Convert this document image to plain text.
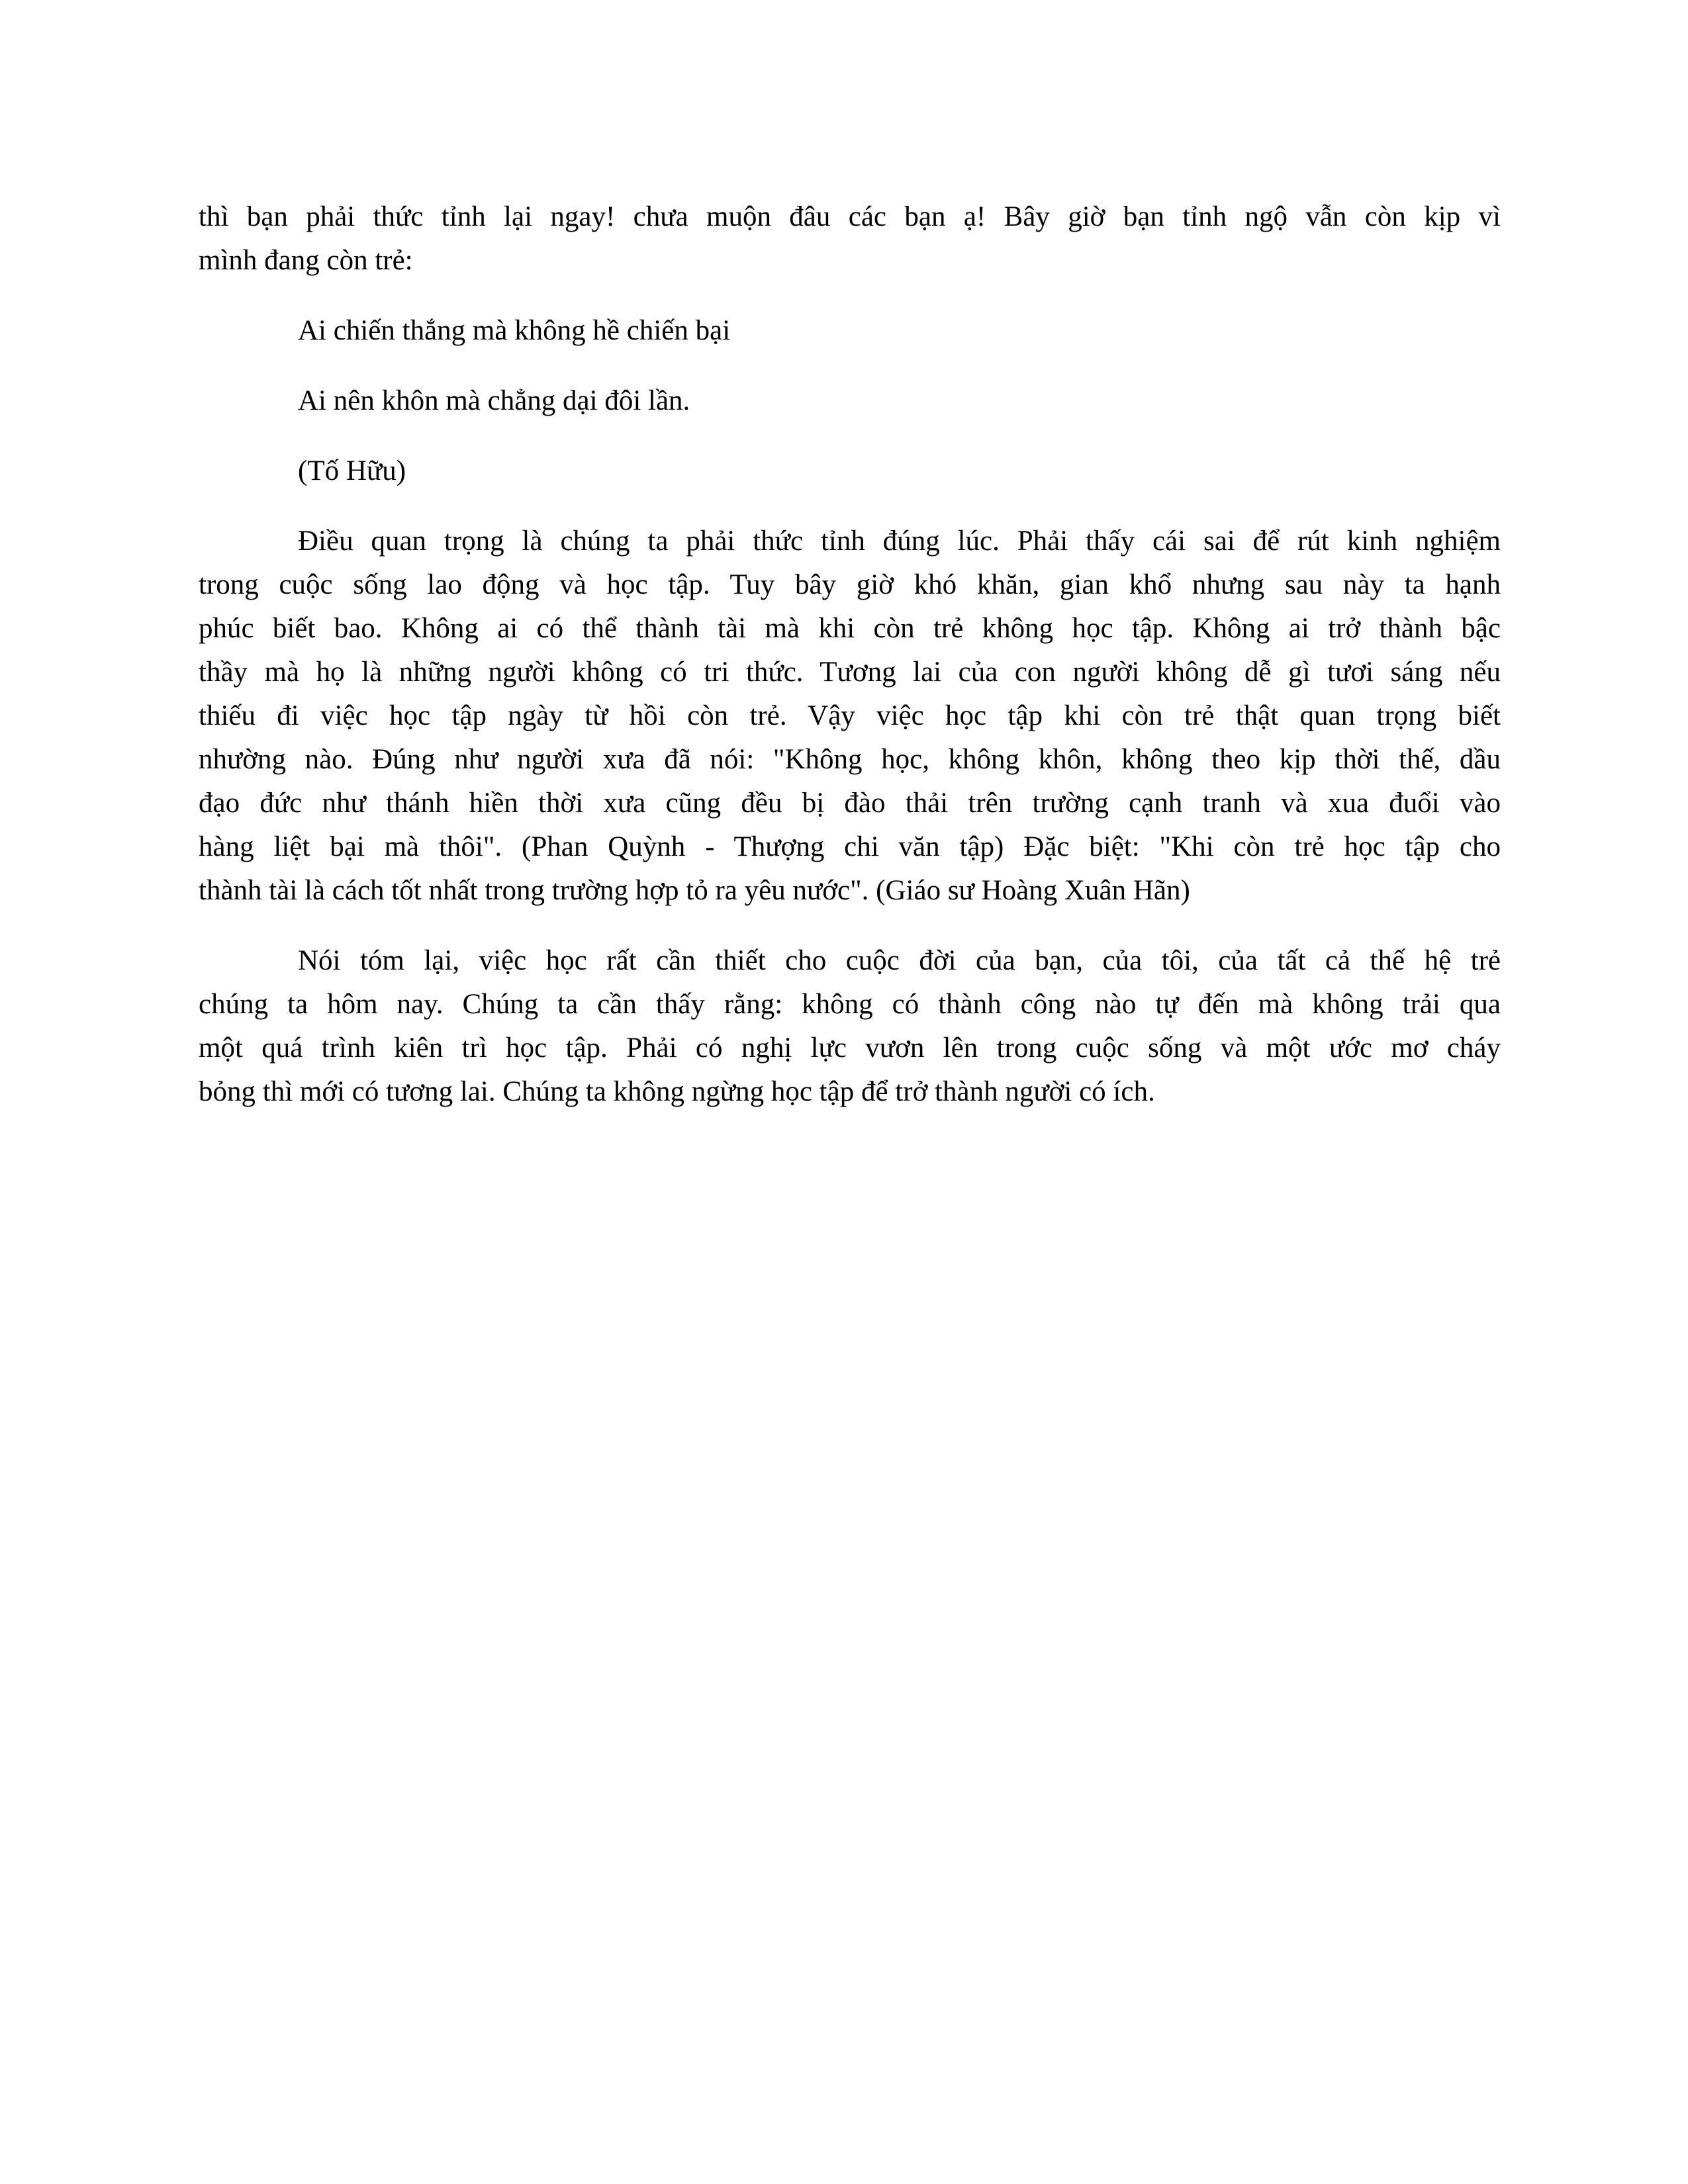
thì bạn phải thức tỉnh lại ngay! chưa muộn đâu các bạn ạ! Bây giờ bạn tỉnh ngộ vẫn còn kịp vì
mình đang còn trẻ:

Ai chiến thắng mà không hề chiến bại

Ai nên khôn mà chẳng dại đôi lần.

(Tố Hữu)

Điều quan trọng là chúng ta phải thức tỉnh đúng lúc. Phải thấy cái sai để rút kinh nghiệm
trong cuộc sống lao động và học tập. Tuy bây giờ khó khăn, gian khổ nhưng sau này ta hạnh
phúc biết bao. Không ai có thể thành tài mà khi còn trẻ không học tập. Không ai trở thành bậc
thầy mà họ là những người không có tri thức. Tương lai của con người không dễ gì tươi sáng nếu
thiếu đi việc học tập ngày từ hồi còn trẻ. Vậy việc học tập khi còn trẻ thật quan trọng biết
nhường nào. Đúng như người xưa đã nói: "Không học, không khôn, không theo kịp thời thế, dầu
đạo đức như thánh hiền thời xưa cũng đều bị đào thải trên trường cạnh tranh và xua đuổi vào
hàng liệt bại mà thôi". (Phan Quỳnh - Thượng chi văn tập) Đặc biệt: "Khi còn trẻ học tập cho
thành tài là cách tốt nhất trong trường hợp tỏ ra yêu nước". (Giáo sư Hoàng Xuân Hãn)

Nói tóm lại, việc học rất cần thiết cho cuộc đời của bạn, của tôi, của tất cả thế hệ trẻ
chúng ta hôm nay. Chúng ta cần thấy rằng: không có thành công nào tự đến mà không trải qua
một quá trình kiên trì học tập. Phải có nghị lực vươn lên trong cuộc sống và một ước mơ cháy
bỏng thì mới có tương lai. Chúng ta không ngừng học tập để trở thành người có ích.
